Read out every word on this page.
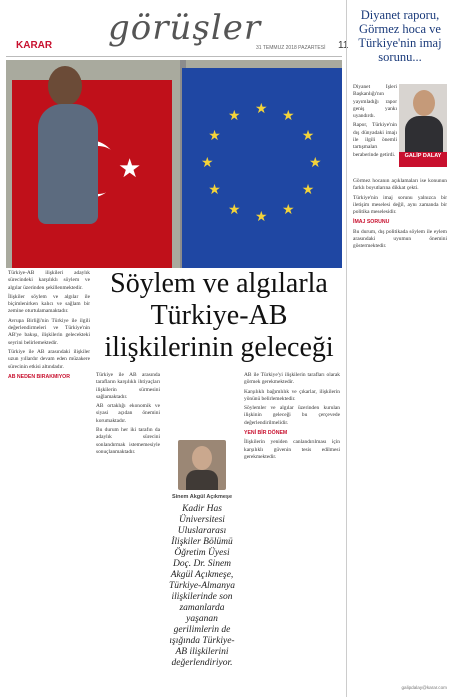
KARAR görüşler
31 TEMMUZ 2018 PAZARTESİ 11
★	★
★
★
★
★
★
★
★
★ ★ ★
★
Söylem ve algılarla
Türkiye-AB
ilişkilerinin geleceği

Türkiye-AB ilişkileri adaylık sürecindeki karşılıklı söylem ve algılar üzerinden şekillenmektedir.

İlişkiler söylem ve algılar ile biçimlenirken kalıcı ve sağlam bir zemine oturtulamamaktadır.

Avrupa Birliği'nin Türkiye ile ilgili değerlendirmeleri ve Türkiye'nin AB'ye bakışı, ilişkilerin gelecekteki seyrini belirlemektedir.

Türkiye ile AB arasındaki ilişkiler uzun yıllardır devam eden müzakere sürecinin etkisi altındadır.

AB NEDEN BIRAKMIYOR	Türkiye ile AB arasında tarafların karşılıklı ihtiyaçları ilişkilerin sürmesini sağlamaktadır.

AB ortaklığı ekonomik ve siyasi açıdan önemini korumaktadır.

Bu durum her iki tarafın da adaylık sürecini sonlandırmak istememesiyle sonuçlanmaktadır.

Sinem Akgül Açıkmeşe
Kadir Has Üniversitesi Uluslararası İlişkiler Bölümü Öğretim Üyesi Doç. Dr. Sinem Akgül Açıkmeşe, Türkiye-Almanya ilişkilerinde son zamanlarda yaşanan gerilimlerin de ışığında Türkiye-AB ilişkilerini değerlendiriyor.

AB ile Türkiye'yi ilişkilerin tarafları olarak görmek gerekmektedir.

Karşılıklı bağımlılık ve çıkarlar, ilişkilerin yönünü belirlemektedir.

Söylemler ve algılar üzerinden kurulan ilişkinin geleceği bu çerçevede değerlendirilmelidir.

YENİ BİR DÖNEM

İlişkilerin yeniden canlandırılması için karşılıklı güvenin tesis edilmesi gerekmektedir.

Diyanet raporu, Görmez hoca ve Türkiye'nin imaj sorunu...

Diyanet İşleri Başkanlığı'nın yayımladığı rapor geniş yankı uyandırdı.

Rapor, Türkiye'nin dış dünyadaki imajı ile ilgili önemli tartışmaları beraberinde getirdi.	GALİP DALAY

Görmez hocanın açıklamaları ise konunun farklı boyutlarına dikkat çekti.

Türkiye'nin imaj sorunu yalnızca bir iletişim meselesi değil, aynı zamanda bir politika meselesidir.

İMAJ SORUNU

Bu durum, dış politikada söylem ile eylem arasındaki uyumun önemini göstermektedir.

galipdalay@karar.com
